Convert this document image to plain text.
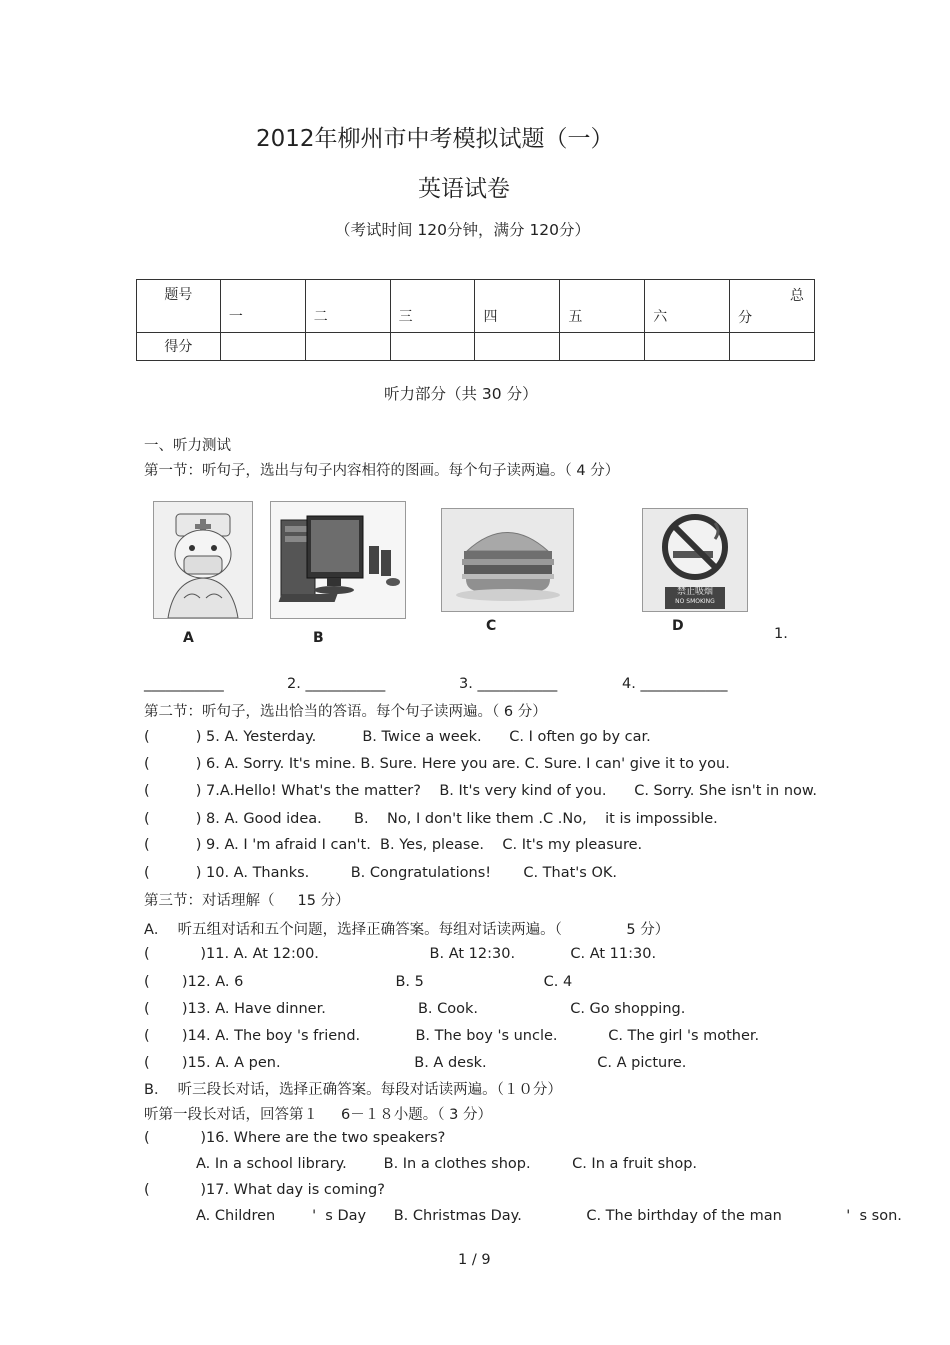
2012年柳州市中考模拟试题（一）
英语试卷
（考试时间 120分钟，满分 120分）
题号	一	二	三	四	五	六	总
分

得分							
听力部分（共 30 分）
一、听力测试
第一节：听句子，选出与句子内容相符的图画。每个句子读两遍。（ 4 分）
禁止吸烟
NO SMOKING
A	B
C	D	1.
___________	2. ___________	3. ___________	4. ____________
第二节：听句子，选出恰当的答语。每个句子读两遍。（ 6 分）
(          ) 5. A. Yesterday.          B. Twice a week.      C. I often go by car.
(          ) 6. A. Sorry. It's mine. B. Sure. Here you are. C. Sure. I can' give it to you.
(          ) 7.A.Hello! What's the matter?    B. It's very kind of you.      C. Sorry. She isn't in now.
(          ) 8. A. Good idea.       B.    No, I don't like them .C .No,    it is impossible.
(          ) 9. A. I 'm afraid I can't.  B. Yes, please.    C. It's my pleasure.
(          ) 10. A. Thanks.         B. Congratulations!       C. That's OK.
第三节：对话理解（     15 分）
A．  听五组对话和五个问题，选择正确答案。每组对话读两遍。（              5 分）
(           )11. A. At 12:00.                        B. At 12:30.            C. At 11:30.
(       )12. A. 6                                 B. 5                          C. 4
(       )13. A. Have dinner.                    B. Cook.                    C. Go shopping.
(       )14. A. The boy 's friend.            B. The boy 's uncle.           C. The girl 's mother.
(       )15. A. A pen.                             B. A desk.                        C. A picture.
B．  听三段长对话，选择正确答案。每段对话读两遍。（１０分）
听第一段长对话，回答第１     6－１８小题。（ 3 分）
(           )16. Where are the two speakers?
A. In a school library.        B. In a clothes shop.         C. In a fruit shop.
(           )17. What day is coming?
A. Children        '  s Day      B. Christmas Day.              C. The birthday of the man              '  s son.
1 / 9
